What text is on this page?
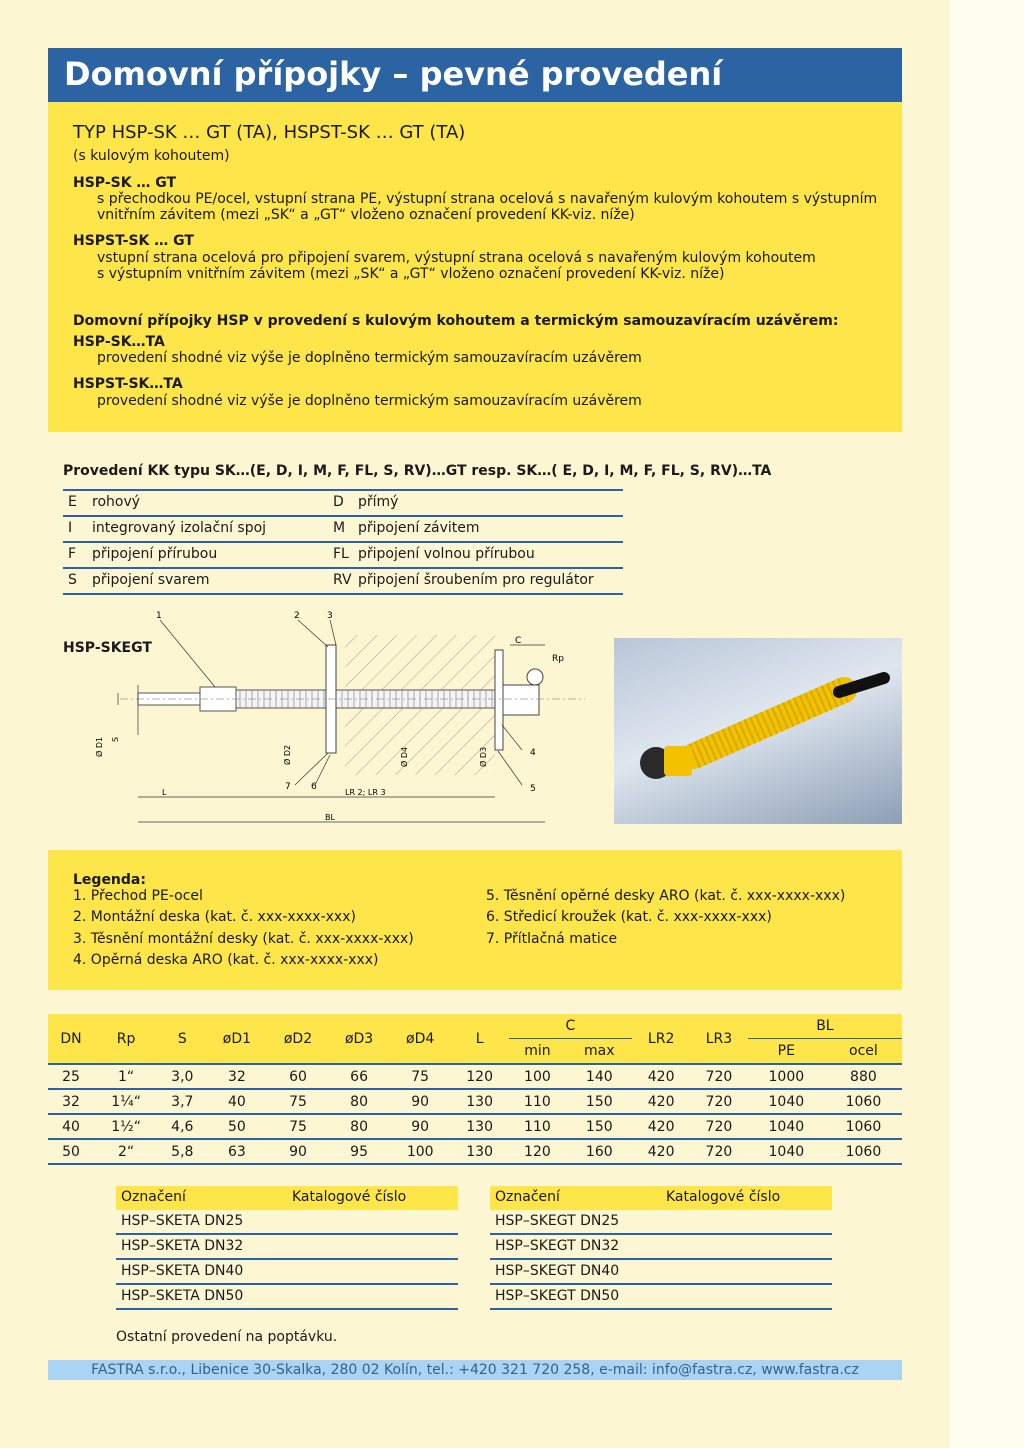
Domovní přípojky – pevné provedení
TYP HSP-SK … GT (TA), HSPST-SK … GT (TA)
(s kulovým kohoutem)
HSP-SK … GT
s přechodkou PE/ocel, vstupní strana PE, výstupní strana ocelová s navařeným kulovým kohoutem s výstupním
vnitřním závitem (mezi „SK“ a „GT“ vloženo označení provedení KK-viz. níže)
HSPST-SK … GT
vstupní strana ocelová pro připojení svarem, výstupní strana ocelová s navařeným kulovým kohoutem
s výstupním vnitřním závitem (mezi „SK“ a „GT“ vloženo označení provedení KK-viz. níže)
Domovní přípojky HSP v provedení s kulovým kohoutem a termickým samouzavíracím uzávěrem:
HSP-SK…TA
provedení shodné viz výše je doplněno termickým samouzavíracím uzávěrem
HSPST-SK…TA
provedení shodné viz výše je doplněno termickým samouzavíracím uzávěrem
Provedení KK typu SK…(E, D, I, M, F, FL, S, RV)…GT resp. SK…( E, D, I, M, F, FL, S, RV)…TA
E rohový	D přímý
I integrovaný izolační spoj	M připojení závitem
F připojení přírubou	FL připojení volnou přírubou
S připojení svarem	RV připojení šroubením pro regulátor
HSP-SKEGT
1	2	3
4
5
6
7
C
Rp
Ø D1 S
Ø D2	Ø D4	Ø D3
L	LR 2; LR 3
BL
Legenda:
1. Přechod PE-ocel
2. Montážní deska (kat. č. xxx-xxxx-xxx)
3. Těsnění montážní desky (kat. č. xxx-xxxx-xxx)
4. Opěrná deska ARO (kat. č. xxx-xxxx-xxx)
5. Těsnění opěrné desky ARO (kat. č. xxx-xxxx-xxx)
6. Středicí kroužek (kat. č. xxx-xxxx-xxx)
7. Přítlačná matice
DN	Rp	S	øD1	øD2	øD3	øD4	L	C		LR2	LR3	BL	
								min	max			PE	ocel
25	1“	3,0	32	60	66	75	120	100	140	420	720	1000	880
32	1¼“	3,7	40	75	80	90	130	110	150	420	720	1040	1060
40	1½“	4,6	50	75	80	90	130	110	150	420	720	1040	1060
50	2“	5,8	63	90	95	100	130	120	160	420	720	1040	1060
Označení	Katalogové číslo
HSP–SKETA DN25
HSP–SKETA DN32
HSP–SKETA DN40
HSP–SKETA DN50
Označení	Katalogové číslo
HSP–SKEGT DN25
HSP–SKEGT DN32
HSP–SKEGT DN40
HSP–SKEGT DN50
Ostatní provedení na poptávku.
FASTRA s.r.o., Libenice 30-Skalka, 280 02 Kolín, tel.: +420 321 720 258, e-mail: info@fastra.cz, www.fastra.cz
